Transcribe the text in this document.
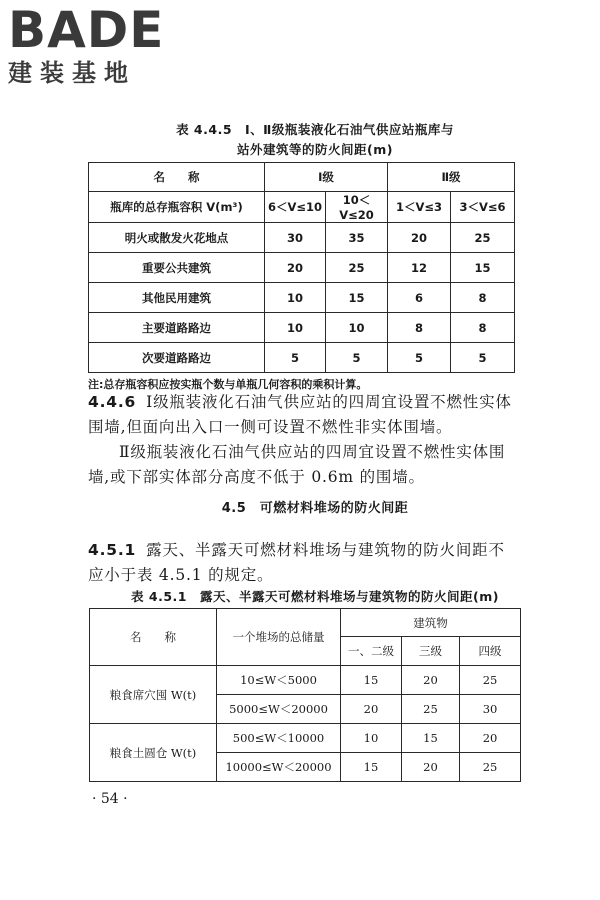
BADE
建装基地
表 4.4.5　Ⅰ、Ⅱ级瓶装液化石油气供应站瓶库与
站外建筑等的防火间距(m)
名　　称	Ⅰ级		Ⅱ级	
瓶库的总存瓶容积 V(m³)	6＜V≤10	10＜V≤20	1＜V≤3	3＜V≤6
明火或散发火花地点	30	35	20	25
重要公共建筑	20	25	12	15
其他民用建筑	10	15	6	8
主要道路路边	10	10	8	8
次要道路路边	5	5	5	5
注:总存瓶容积应按实瓶个数与单瓶几何容积的乘积计算。
4.4.6 Ⅰ级瓶装液化石油气供应站的四周宜设置不燃性实体围墙,但面向出入口一侧可设置不燃性非实体围墙。
Ⅱ级瓶装液化石油气供应站的四周宜设置不燃性实体围墙,或下部实体部分高度不低于 0.6m 的围墙。
4.5　可燃材料堆场的防火间距
4.5.1 露天、半露天可燃材料堆场与建筑物的防火间距不应小于表 4.5.1 的规定。
表 4.5.1　露天、半露天可燃材料堆场与建筑物的防火间距(m)
名　　称	一个堆场的总储量	建筑物		
		一、二级	三级	四级
粮食席穴囤 W(t)	10≤W＜5000	15	20	25
	5000≤W＜20000	20	25	30
粮食土圆仓 W(t)	500≤W＜10000	10	15	20
	10000≤W＜20000	15	20	25
· 54 ·
